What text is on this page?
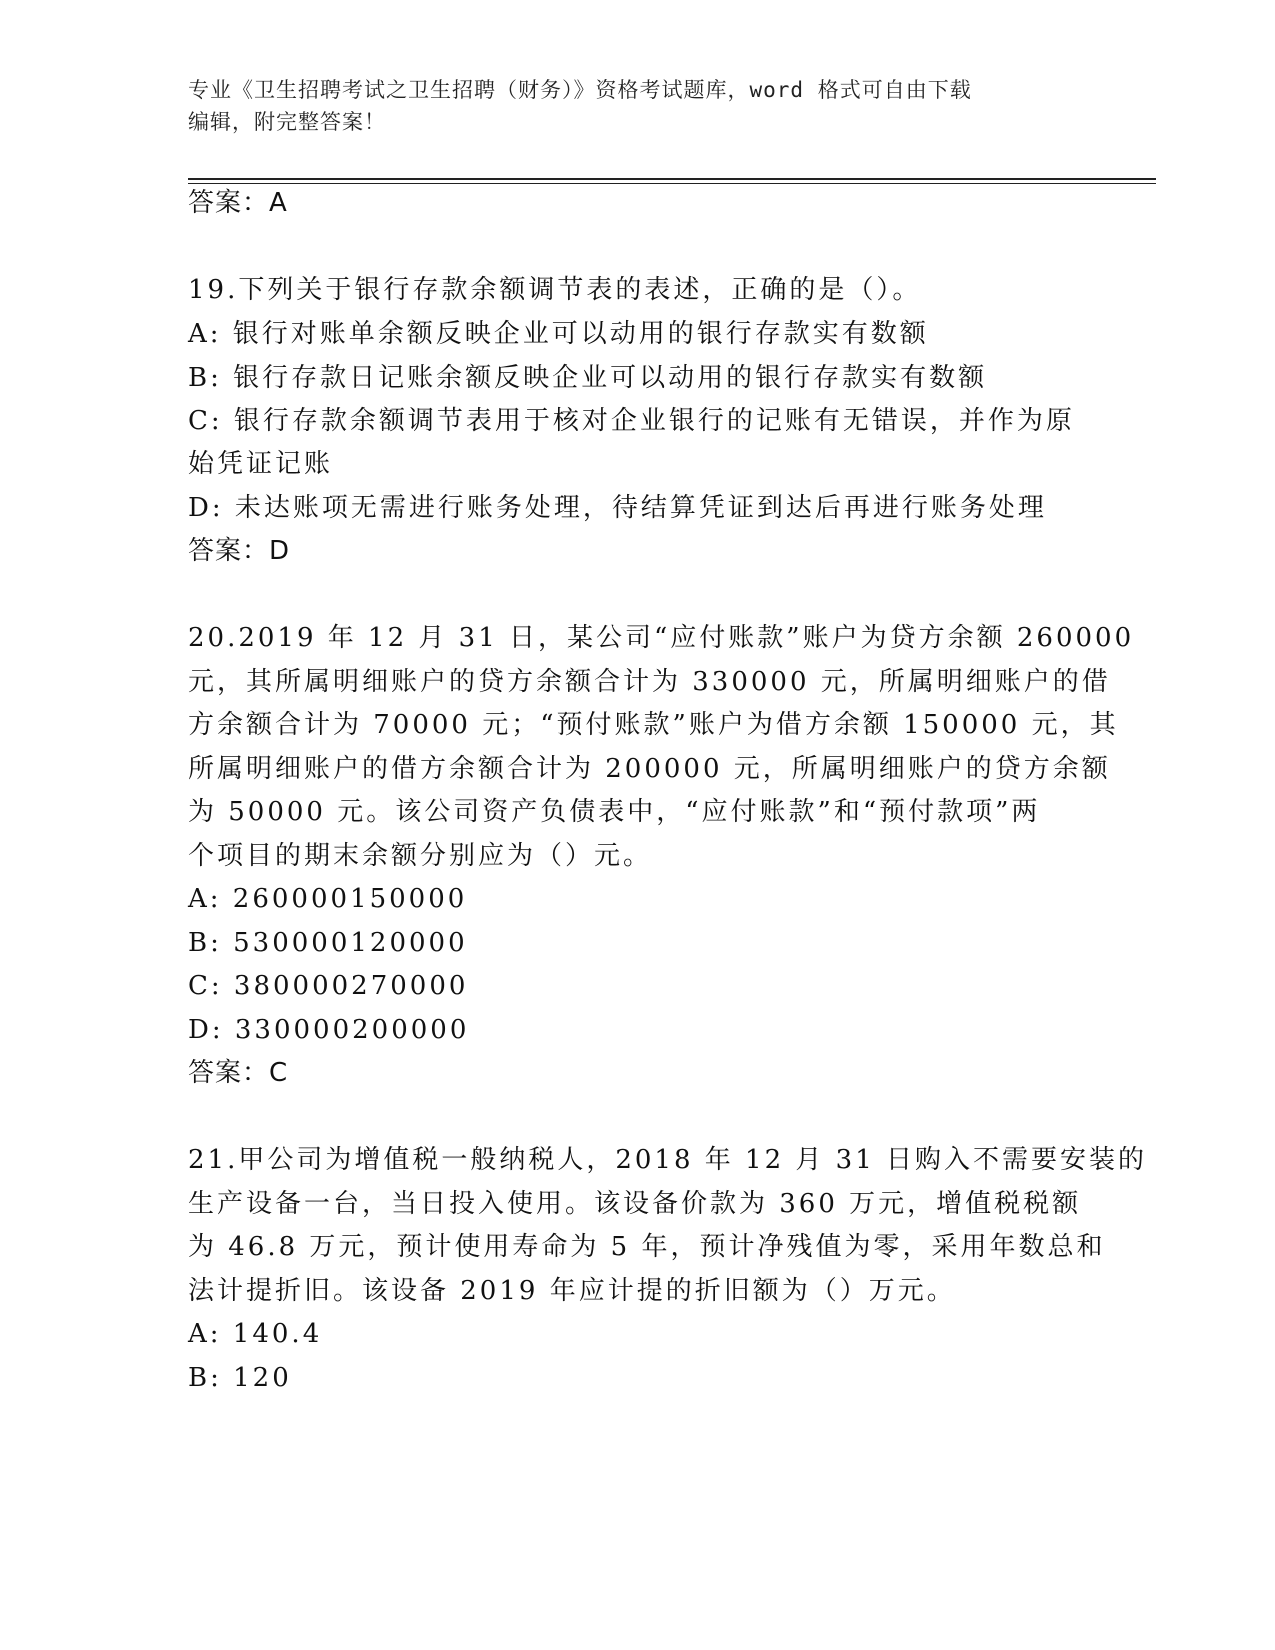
专业《卫生招聘考试之卫生招聘（财务）》资格考试题库，word 格式可自由下载
编辑，附完整答案！
答案：A
19.下列关于银行存款余额调节表的表述，正确的是（）。
A: 银行对账单余额反映企业可以动用的银行存款实有数额
B: 银行存款日记账余额反映企业可以动用的银行存款实有数额
C: 银行存款余额调节表用于核对企业银行的记账有无错误，并作为原
始凭证记账
D: 未达账项无需进行账务处理，待结算凭证到达后再进行账务处理
答案：D
20.2019 年 12 月 31 日，某公司“应付账款”账户为贷方余额 260000
元，其所属明细账户的贷方余额合计为 330000 元，所属明细账户的借
方余额合计为 70000 元；“预付账款”账户为借方余额 150000 元，其
所属明细账户的借方余额合计为 200000 元，所属明细账户的贷方余额
为 50000 元。该公司资产负债表中，“应付账款”和“预付款项”两
个项目的期末余额分别应为（）元。
A: 260000150000
B: 530000120000
C: 380000270000
D: 330000200000
答案：C
21.甲公司为增值税一般纳税人，2018 年 12 月 31 日购入不需要安装的
生产设备一台，当日投入使用。该设备价款为 360 万元，增值税税额
为 46.8 万元，预计使用寿命为 5 年，预计净残值为零，采用年数总和
法计提折旧。该设备 2019 年应计提的折旧额为（）万元。
A: 140.4
B: 120
